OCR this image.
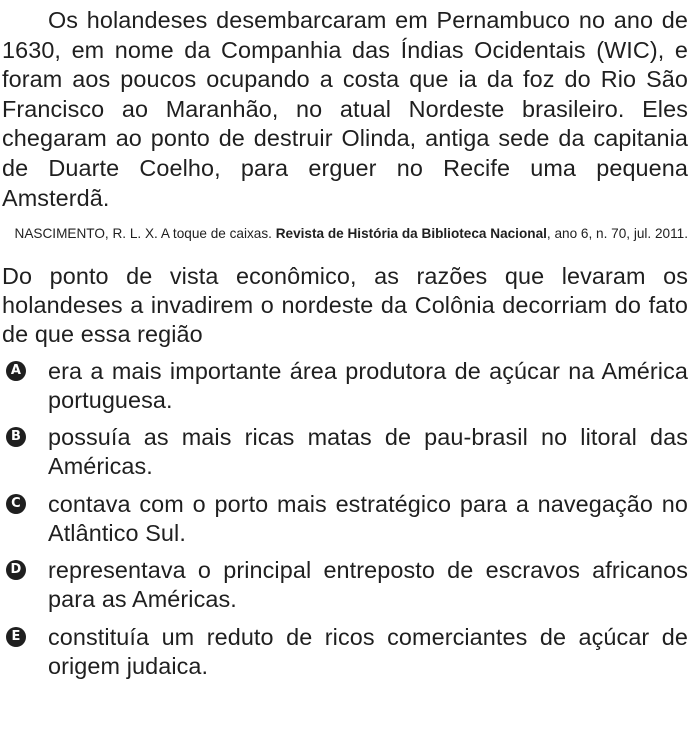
Os holandeses desembarcaram em Pernambuco no ano de 1630, em nome da Companhia das Índias Ocidentais (WIC), e foram aos poucos ocupando a costa que ia da foz do Rio São Francisco ao Maranhão, no atual Nordeste brasileiro. Eles chegaram ao ponto de destruir Olinda, antiga sede da capitania de Duarte Coelho, para erguer no Recife uma pequena Amsterdã.

NASCIMENTO, R. L. X. A toque de caixas. Revista de História da Biblioteca Nacional, ano 6, n. 70, jul. 2011.

Do ponto de vista econômico, as razões que levaram os holandeses a invadirem o nordeste da Colônia decorriam do fato de que essa região

A era a mais importante área produtora de açúcar na América portuguesa.
B possuía as mais ricas matas de pau-brasil no litoral das Américas.
C contava com o porto mais estratégico para a navegação no Atlântico Sul.
D representava o principal entreposto de escravos africanos para as Américas.
E constituía um reduto de ricos comerciantes de açúcar de origem judaica.
